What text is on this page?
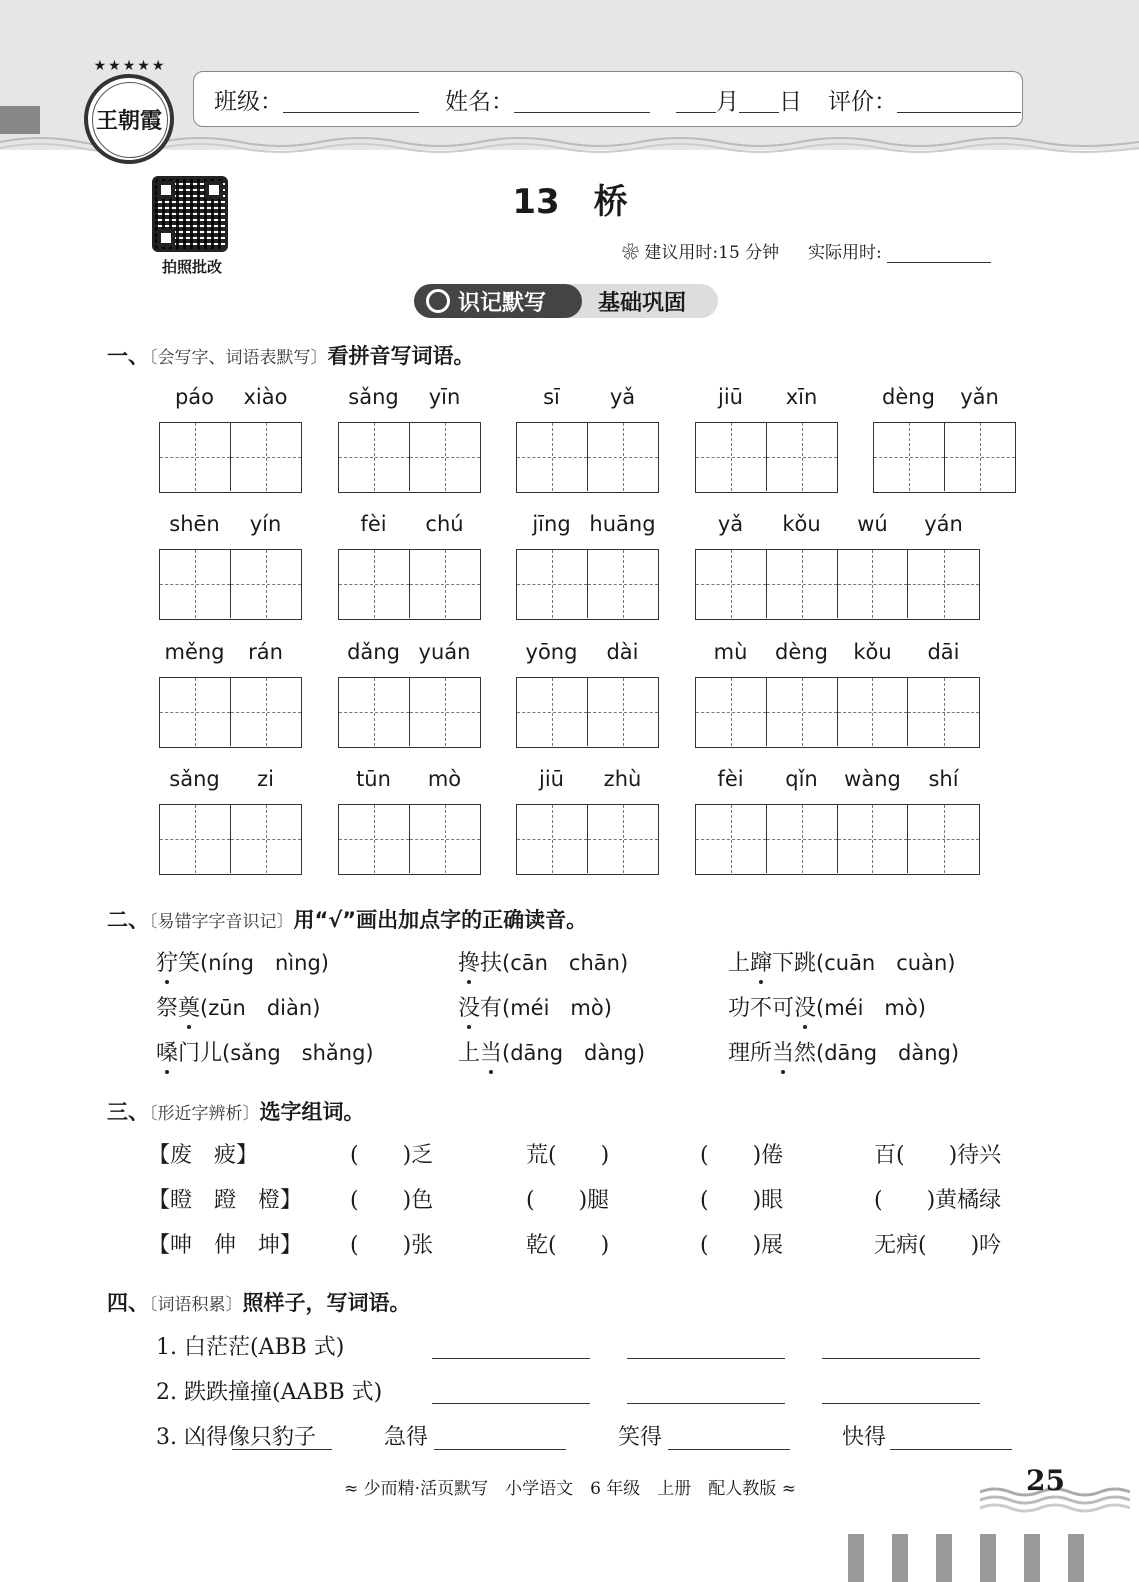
★★★★★
王朝霞
班级：	姓名：	月 日 评价：
拍照批改
13　桥
❀ 建议用时:15 分钟 实际用时:
基础巩固
识记默写
一、〔会写字、词语表默写〕看拼音写词语。
páo	xiào	sǎng	yīn	sī	yǎ	jiū	xīn	dèng	yǎn
shēn	yín	fèi	chú	jīng huāng	yǎ	kǒu	wú	yán
měng	rán	dǎng yuán	yōng	dài	mù	dèng	kǒu	dāi
sǎng	zi	tūn	mò	jiū	zhù	fèi	qǐn	wàng	shí
二、〔易错字字音识记〕用“√”画出加点字的正确读音。
狞笑(níng　nìng)	搀扶(cān　chān)	上蹿下跳(cuān　cuàn)
祭奠(zūn　diàn)	没有(méi　mò)	功不可没(méi　mò)
嗓门儿(sǎng　shǎng)	上当(dāng　dàng)	理所当然(dāng　dàng)
三、〔形近字辨析〕选字组词。
【废　疲】	(　　)乏	荒(　　)	(　　)倦	百(　　)待兴
【瞪　蹬　橙】 (　　)色	(　　)腿	(　　)眼	(　　)黄橘绿
【呻　伸　坤】 (　　)张	乾(　　)	(　　)展	无病(　　)吟
四、〔词语积累〕照样子，写词语。
1. 白茫茫(ABB 式)
2. 跌跌撞撞(AABB 式)
3. 凶得像只豹子	急得	笑得	快得
≈ 少而精·活页默写　小学语文　6 年级　上册　配人教版 ≈	25
